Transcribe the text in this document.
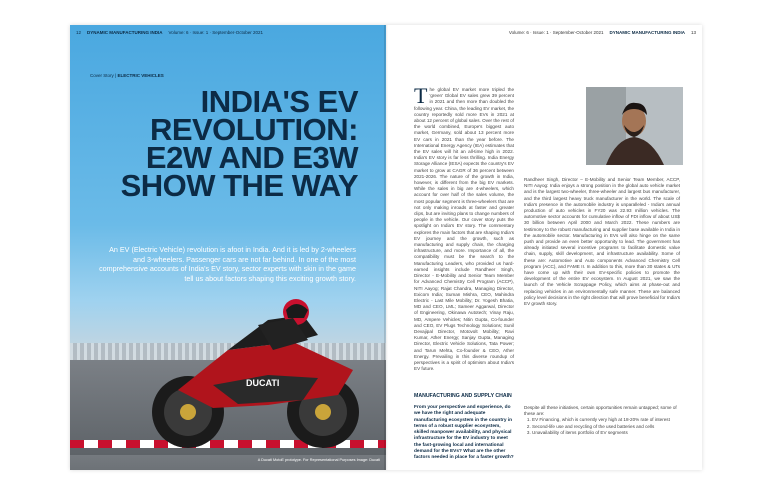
12 DYNAMIC MANUFACTURING INDIA Volume: 6 · Issue: 1 · September-October 2021
DUCATI
Cover Story | ELECTRIC VEHICLES
INDIA'S EV
REVOLUTION:
E2W AND E3W
SHOW THE WAY
An EV (Electric Vehicle) revolution is afoot in India. And it is led by 2-wheelers and 3-wheelers. Passenger cars are not far behind. In one of the most comprehensive accounts of India's EV story, sector experts with skin in the game tell us about factors shaping this exciting growth story.
A Ducati MotoE prototype. For Representational Purposes Image: Ducati
Volume: 6 · Issue: 1 · September-October 2021 DYNAMIC MANUFACTURING INDIA 13
The global EV market more tripled the 'green' Global EV sales grew 39 percent in 2021 and then more than doubled the following year. China, the leading EV market, the country reportedly sold more EVs in 2021 at about 12 percent of global sales. Over the rest of the world combined, Europe's biggest auto market, Germany, sold about 13 percent more EV cars in 2021 than the year before. The International Energy Agency (IEA) estimates that the EV sales will hit an all-time high in 2022. India's EV story is far less thrilling. India Energy Storage Alliance (IESA) expects the country's EV market to grow at CAGR of 36 percent between 2021-2026. The nature of the growth in India, however, is different from the big EV markets. While the sales in big are 4-wheelers, which account for over half of the sales volume, the most popular segment is three-wheelers that are not only making inroads at faster and greater clips, but are inviting plans to change numbers of people in the vehicle. Our cover story puts the spotlight on India's EV story. The commentary explores the main factors that are shaping India's EV journey and the growth, such as manufacturing and supply chain, the charging infrastructure, and more. Importance of all, the compatibility must be the search to the Manufacturing Leaders, who provided us hard-earned insights include Randheer Singh, Director - E-Mobility and Senior Team Member for Advanced Chemistry Cell Program (ACCP), NITI Aayog; Rajat Chandra, Managing Director, Exicom India; Suman Mishra, CEO, Mahindra Electric - Last Mile Mobility; Dr. Yogesh Bhatia, MD and CEO, LML; Sameer Aggarwal, Director of Engineering, Okinawa Autotech; Vinay Raju, MD, Ampere Vehicles; Nitin Gupta, Co-founder and CEO, EV Plugs Technology Solutions; Sunil Devajipal Director, Motovolt Mobility; Ravi Kumar, Ather Energy; Sanjay Gupta, Managing Director, Electric Vehicle Solutions, Tata Power; and Tarun Mehta, Co-founder & CEO, Ather Energy. Prevailing in this diverse roundup of perspectives is a spirit of optimism about India's EV future.
MANUFACTURING AND SUPPLY CHAIN
From your perspective and experience, do we have the right and adequate manufacturing ecosystem in the country in terms of a robust supplier ecosystem, skilled manpower availability, and physical infrastructure for the EV industry to meet the fast-growing local and international demand for the EVs? What are the other factors needed in place for a faster growth?
Randheer Singh, Director – E-Mobility and Senior Team Member, ACCP, NITI Aayog: India enjoys a strong position in the global auto vehicle market and is the largest two-wheeler, three-wheeler and largest bus manufacturer, and the third largest heavy truck manufacturer in the world. The scale of India's presence in the automobile industry is unparalleled - India's annual production of auto vehicles in FY20 was 22.93 million vehicles. The automotive sector accounts for cumulative inflow of FDI inflow of about US$ 30 billion between April 2000 and March 2022. These numbers are testimony to the robust manufacturing and supplier base available in India in the automobile sector. Manufacturing in EVs will also hinge on the same push and provide an even better opportunity to lead. The government has already initiated several incentive programs to facilitate domestic value chain, supply, skill development, and infrastructure availability. Some of these are: Automotive and Auto components Advanced Chemistry Cell program (ACC), and FAME II. In addition to this, more than 30 states & UTs have come up with their own EV-specific policies to promote the development of the entire EV ecosystem. In August 2021, we saw the launch of the Vehicle Scrappage Policy, which aims at phase-out and replacing vehicles in an environmentally safe manner. These are balanced policy level decisions in the right direction that will prove beneficial for India's EV growth story.
Despite all these initiatives, certain opportunities remain untapped; some of these are:
1. EV Financing, which is currently very high at 18-20% rate of interest
2. Second-life use and recycling of the used batteries and cells
3. Unavailability of items portfolio of EV segments
